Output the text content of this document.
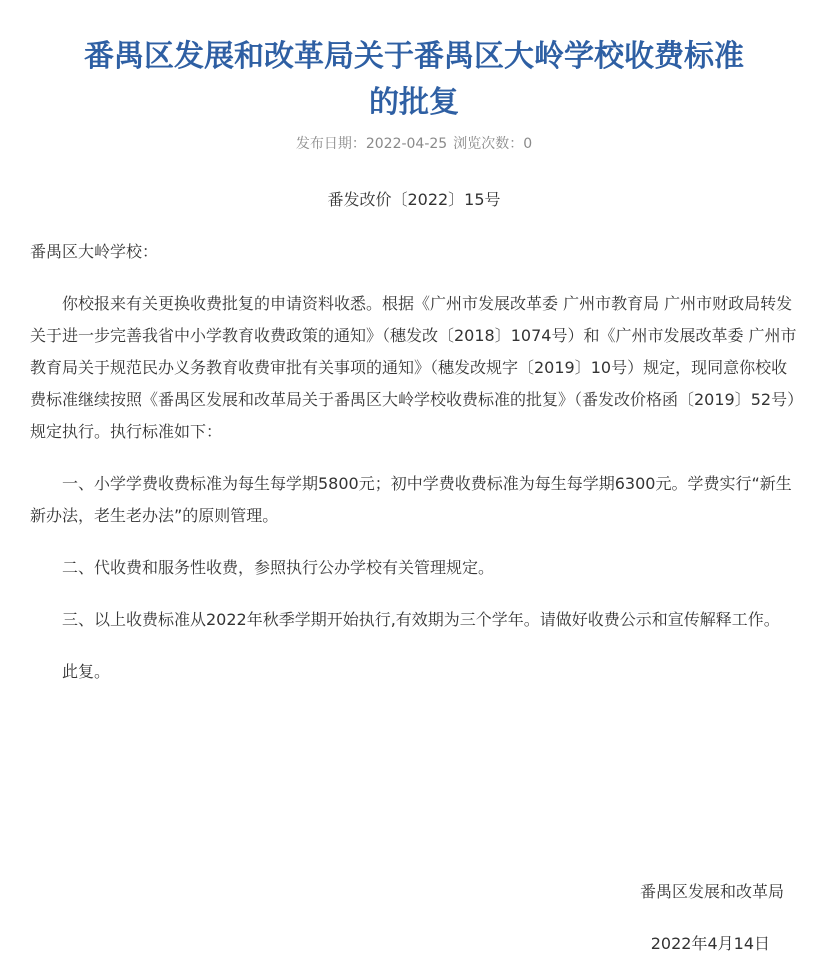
番禺区发展和改革局关于番禺区大岭学校收费标准
的批复
发布日期：2022-04-25 浏览次数：0
番发改价〔2022〕15号

番禺区大岭学校：

你校报来有关更换收费批复的申请资料收悉。根据《广州市发展改革委 广州市教育局 广州市财政局转发关于进一步完善我省中小学教育收费政策的通知》（穗发改〔2018〕1074号）和《广州市发展改革委 广州市教育局关于规范民办义务教育收费审批有关事项的通知》（穗发改规字〔2019〕10号）规定，现同意你校收费标准继续按照《番禺区发展和改革局关于番禺区大岭学校收费标准的批复》（番发改价格函〔2019〕52号）规定执行。执行标准如下：

一、小学学费收费标准为每生每学期5800元；初中学费收费标准为每生每学期6300元。学费实行“新生新办法，老生老办法”的原则管理。

二、代收费和服务性收费，参照执行公办学校有关管理规定。

三、以上收费标准从2022年秋季学期开始执行,有效期为三个学年。请做好收费公示和宣传解释工作。

此复。

番禺区发展和改革局
2022年4月14日
